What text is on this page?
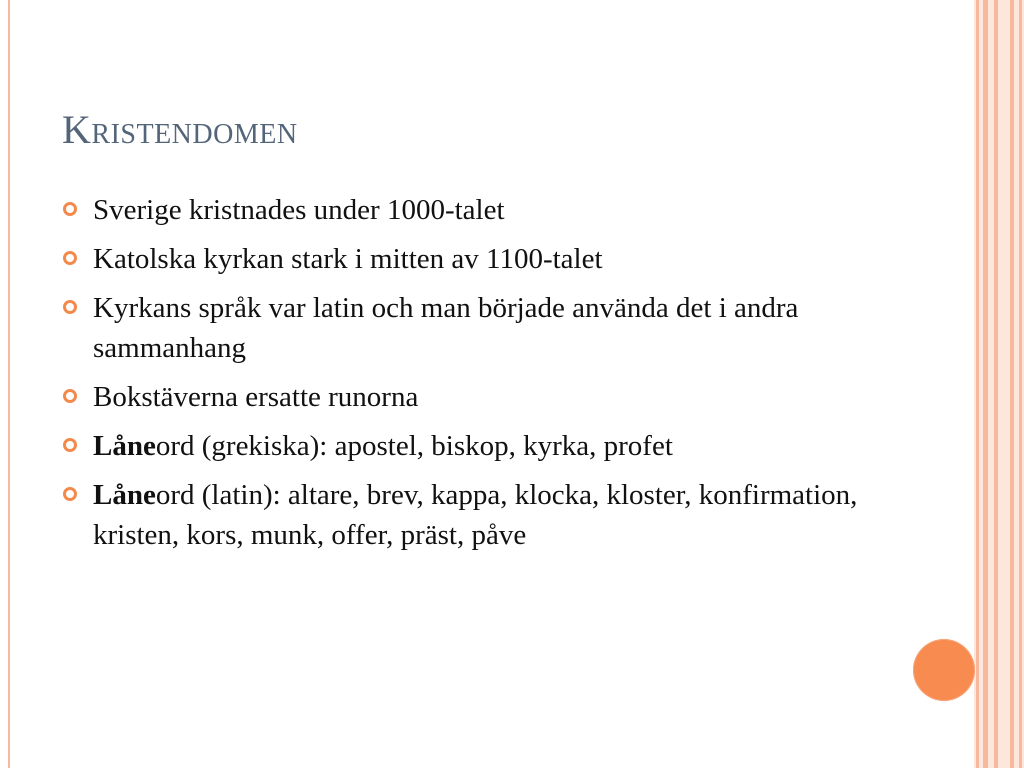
Kristendomen
Sverige kristnades under 1000-talet
Katolska kyrkan stark i mitten av 1100-talet
Kyrkans språk var latin och man började använda det i andra sammanhang
Bokstäverna ersatte runorna
Låneord (grekiska): apostel, biskop, kyrka, profet
Låneord (latin): altare, brev, kappa, klocka, kloster, konfirmation, kristen, kors, munk, offer, präst, påve
